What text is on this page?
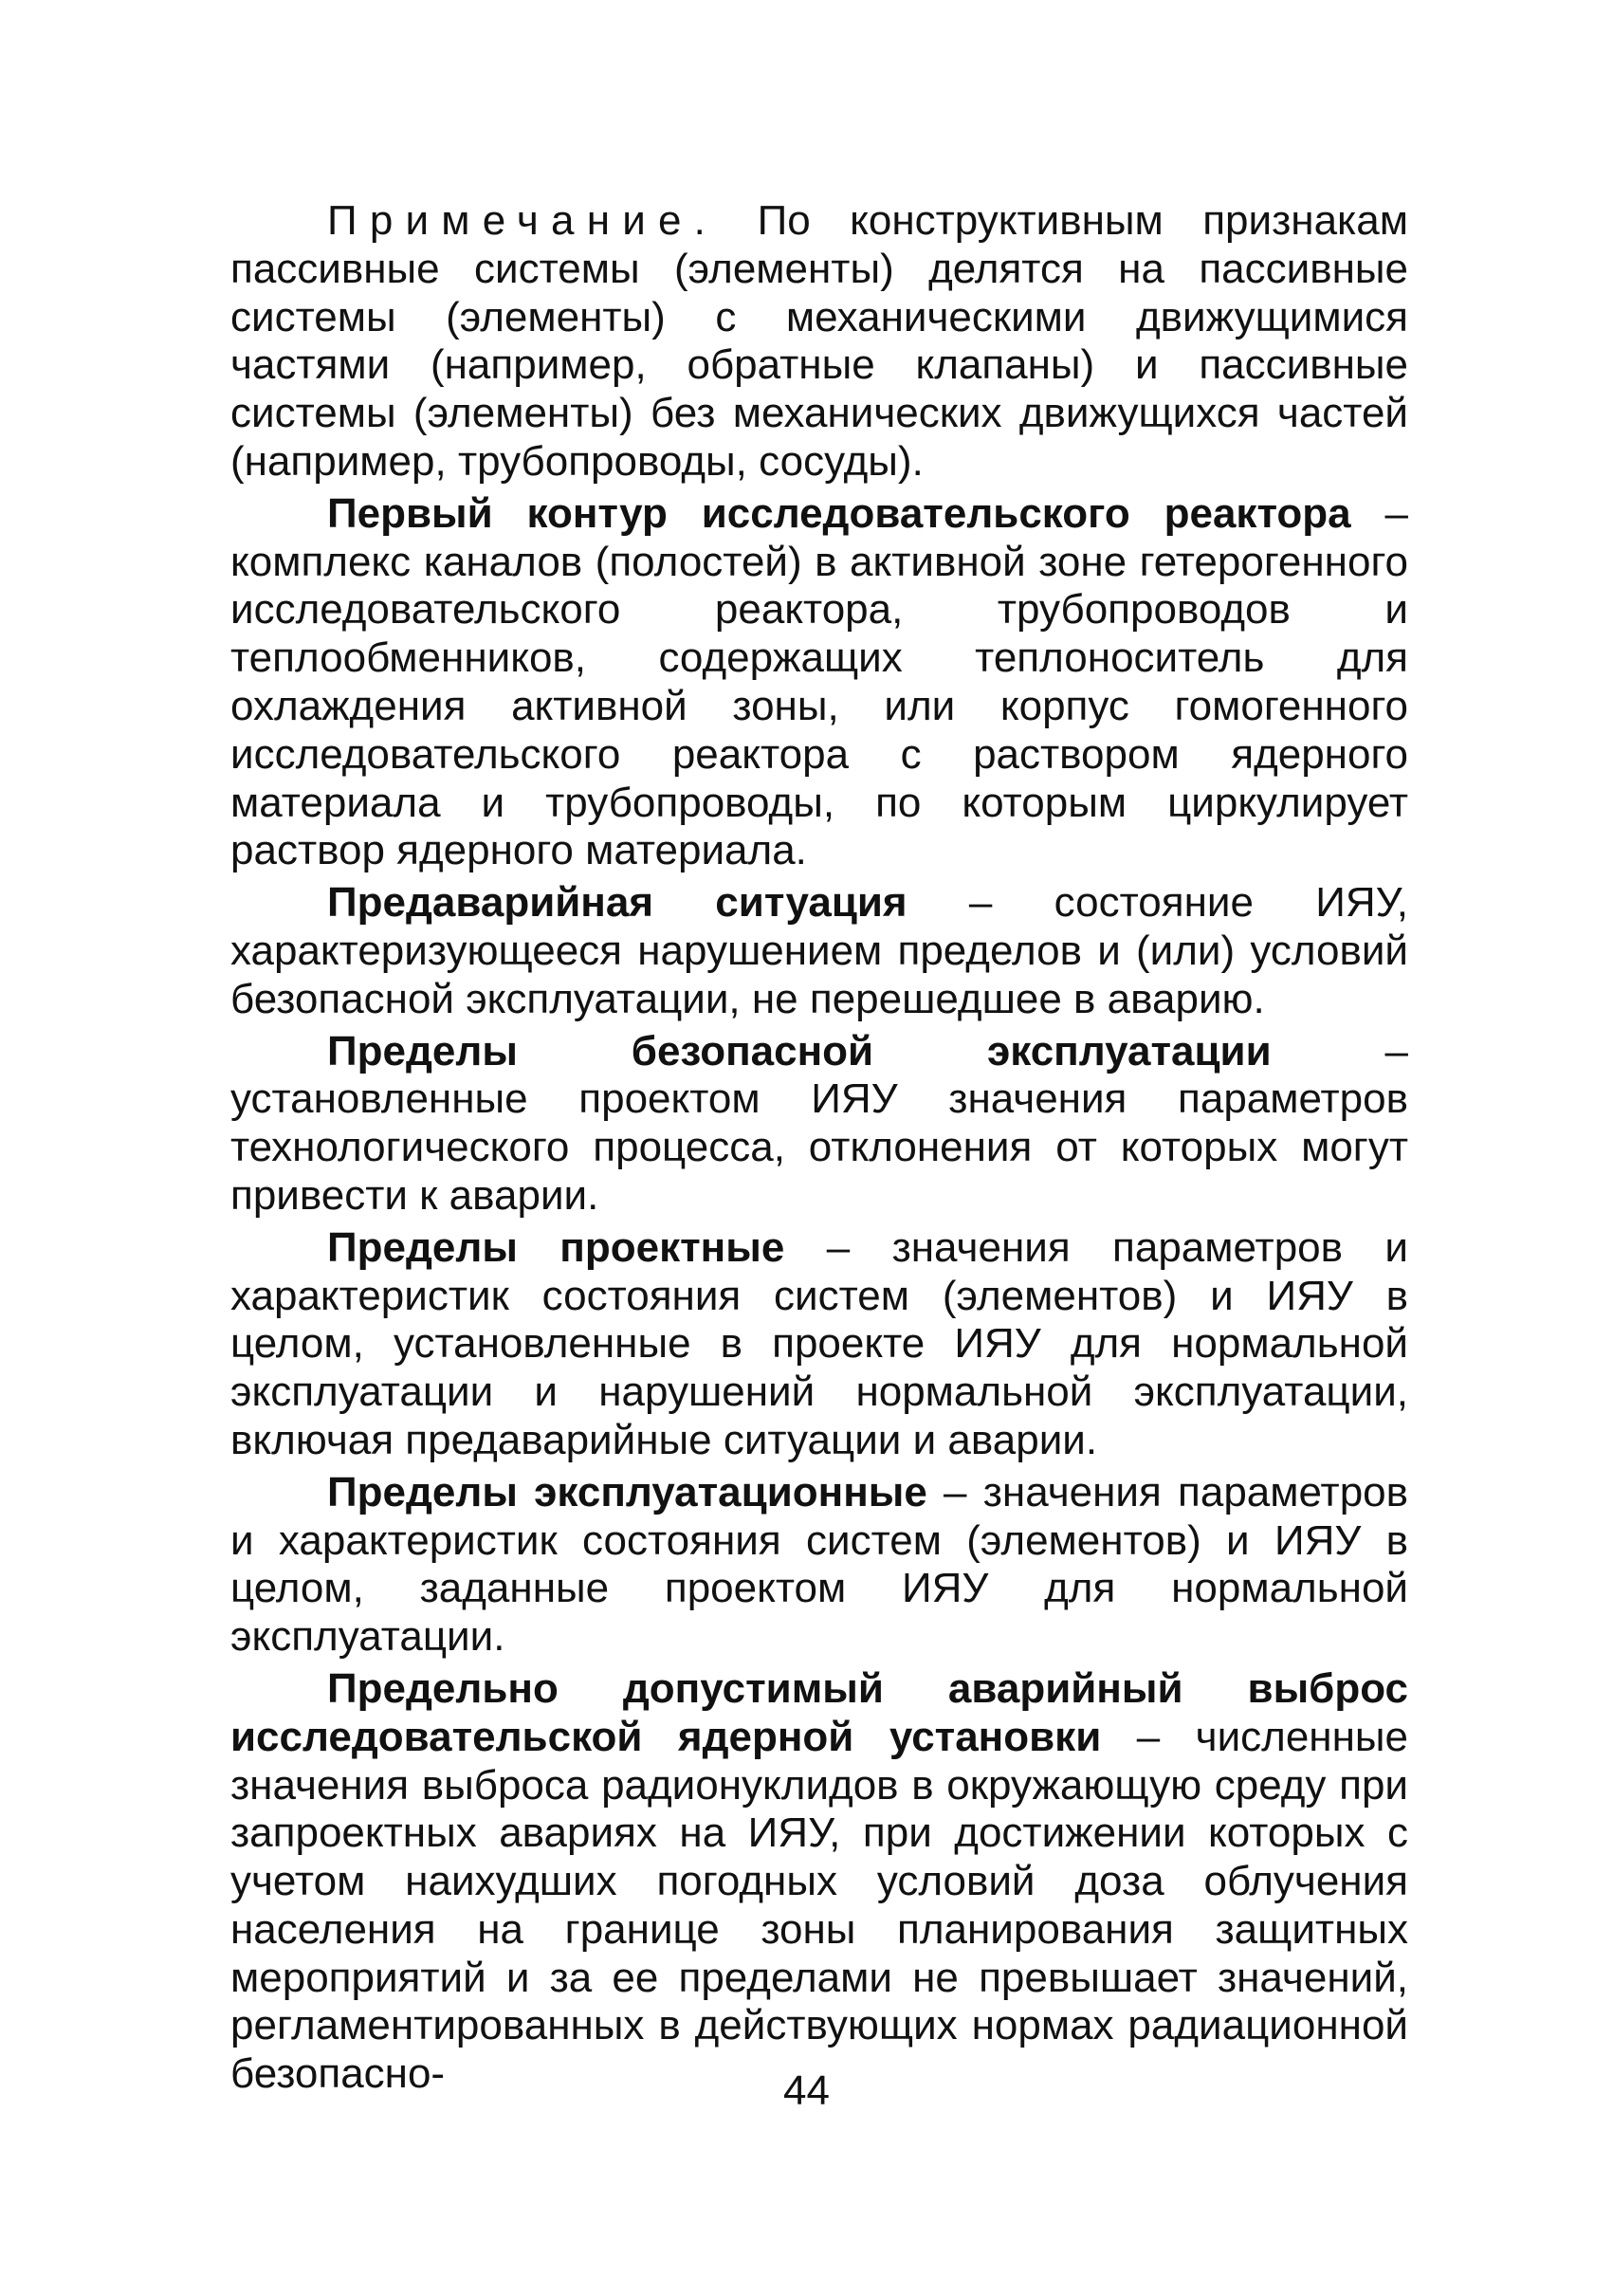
Примечание. По конструктивным признакам пассивные системы (элементы) делятся на пассивные системы (элементы) с механическими движущимися частями (например, обратные клапаны) и пассивные системы (элементы) без механических движущихся частей (например, трубопроводы, сосуды).

Первый контур исследовательского реактора – комплекс каналов (полостей) в активной зоне гетерогенного исследовательского реактора, трубопроводов и теплообменников, содержащих теплоноситель для охлаждения активной зоны, или корпус гомогенного исследовательского реактора с раствором ядерного материала и трубопроводы, по которым циркулирует раствор ядерного материала.

Предаварийная ситуация – состояние ИЯУ, характеризующееся нарушением пределов и (или) условий безопасной эксплуатации, не перешедшее в аварию.

Пределы безопасной эксплуатации – установленные проектом ИЯУ значения параметров технологического процесса, отклонения от которых могут привести к аварии.

Пределы проектные – значения параметров и характеристик состояния систем (элементов) и ИЯУ в целом, установленные в проекте ИЯУ для нормальной эксплуатации и нарушений нормальной эксплуатации, включая предаварийные ситуации и аварии.

Пределы эксплуатационные – значения параметров и характеристик состояния систем (элементов) и ИЯУ в целом, заданные проектом ИЯУ для нормальной эксплуатации.

Предельно допустимый аварийный выброс исследовательской ядерной установки – численные значения выброса радионуклидов в окружающую среду при запроектных авариях на ИЯУ, при достижении которых с учетом наихудших погодных условий доза облучения населения на границе зоны планирования защитных мероприятий и за ее пределами не превышает значений, регламентированных в действующих нормах радиационной безопасно-	44
